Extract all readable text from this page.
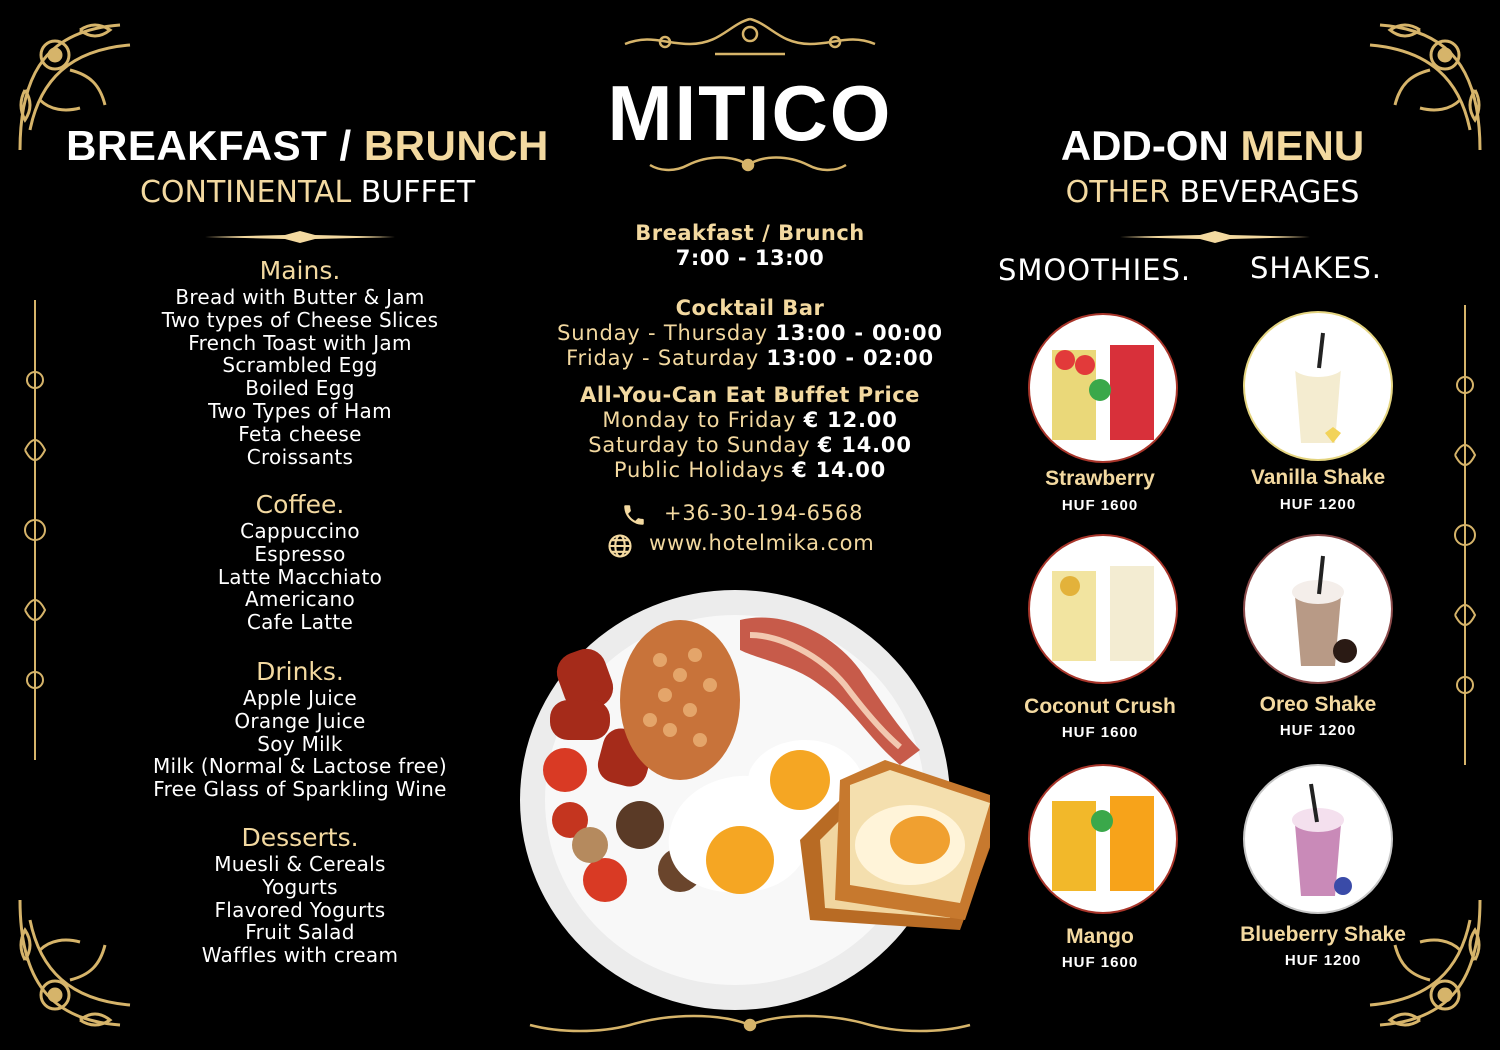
BREAKFAST / BRUNCH
CONTINENTAL BUFFET
Mains.
Bread with Butter & Jam
Two types of Cheese Slices
French Toast with Jam
Scrambled Egg
Boiled Egg
Two Types of Ham
Feta cheese
Croissants
Coffee.
Cappuccino
Espresso
Latte Macchiato
Americano
Cafe Latte
Drinks.
Apple Juice
Orange Juice
Soy Milk
Milk (Normal & Lactose free)
Free Glass of Sparkling Wine
Desserts.
Muesli & Cereals
Yogurts
Flavored Yogurts
Fruit Salad
Waffles with cream
MITICO
Breakfast / Brunch
7:00 - 13:00
Cocktail Bar
Sunday - Thursday 13:00 - 00:00
Friday - Saturday 13:00 - 02:00
All-You-Can Eat Buffet Price
Monday to Friday € 12.00
Saturday to Sunday € 14.00
Public Holidays € 14.00
+36-30-194-6568
www.hotelmika.com
ADD-ON MENU
OTHER BEVERAGES
SMOOTHIES. SHAKES.
Strawberry
HUF 1600
Coconut Crush
HUF 1600
Mango
HUF 1600
Vanilla Shake
HUF 1200
Oreo Shake
HUF 1200
Blueberry Shake
HUF 1200
